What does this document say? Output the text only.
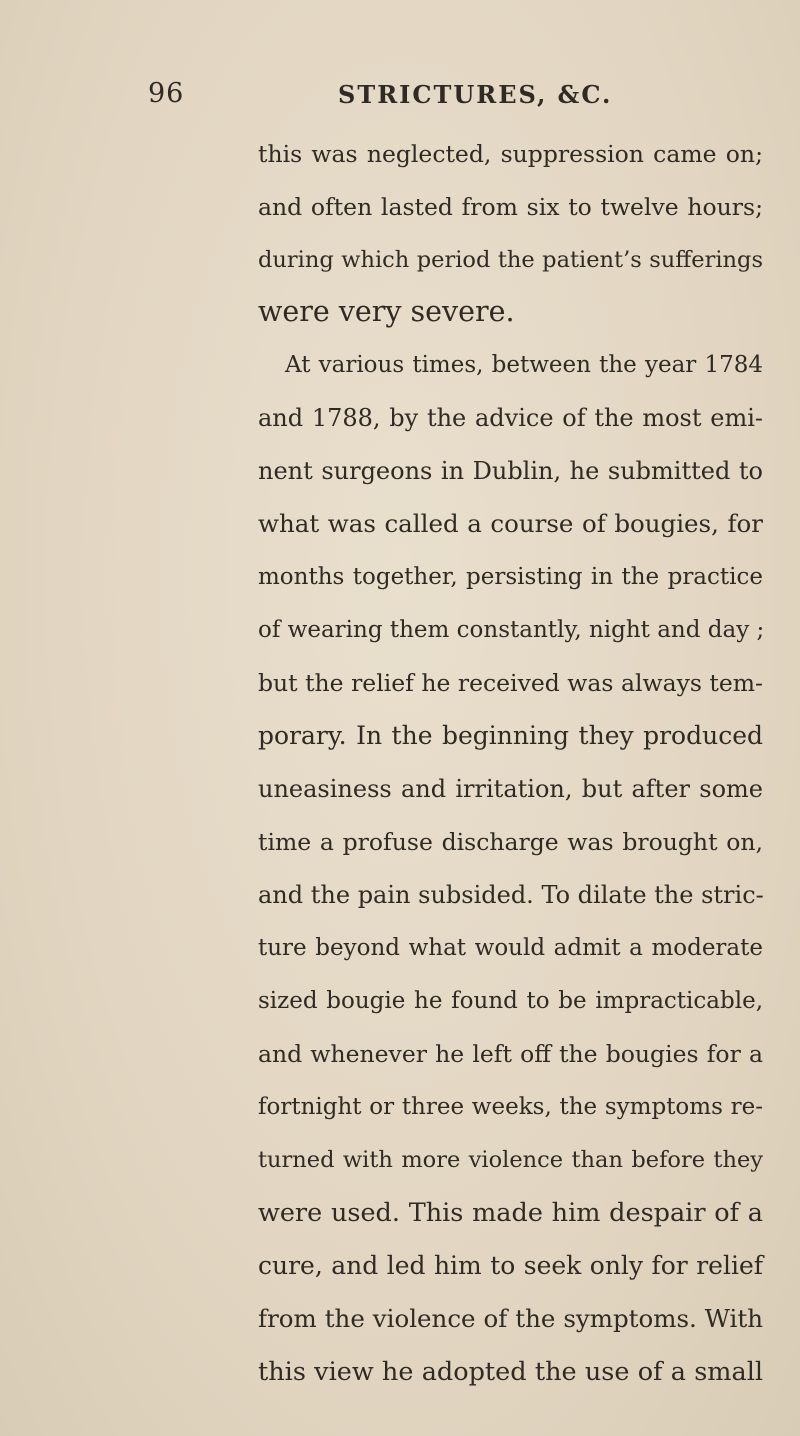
96	STRICTURES, &C.
this was neglected, suppression came on;
and often lasted from six to twelve hours;
during which period the patient’s sufferings
were very severe.
At various times, between the year 1784
and 1788, by the advice of the most emi-
nent surgeons in Dublin, he submitted to
what was called a course of bougies, for
months together, persisting in the practice
of wearing them constantly, night and day ;
but the relief he received was always tem-
porary. In the beginning they produced
uneasiness and irritation, but after some
time a profuse discharge was brought on,
and the pain subsided. To dilate the stric-
ture beyond what would admit a moderate
sized bougie he found to be impracticable,
and whenever he left off the bougies for a
fortnight or three weeks, the symptoms re-
turned with more violence than before they
were used. This made him despair of a
cure, and led him to seek only for relief
from the violence of the symptoms. With
this view he adopted the use of a small
